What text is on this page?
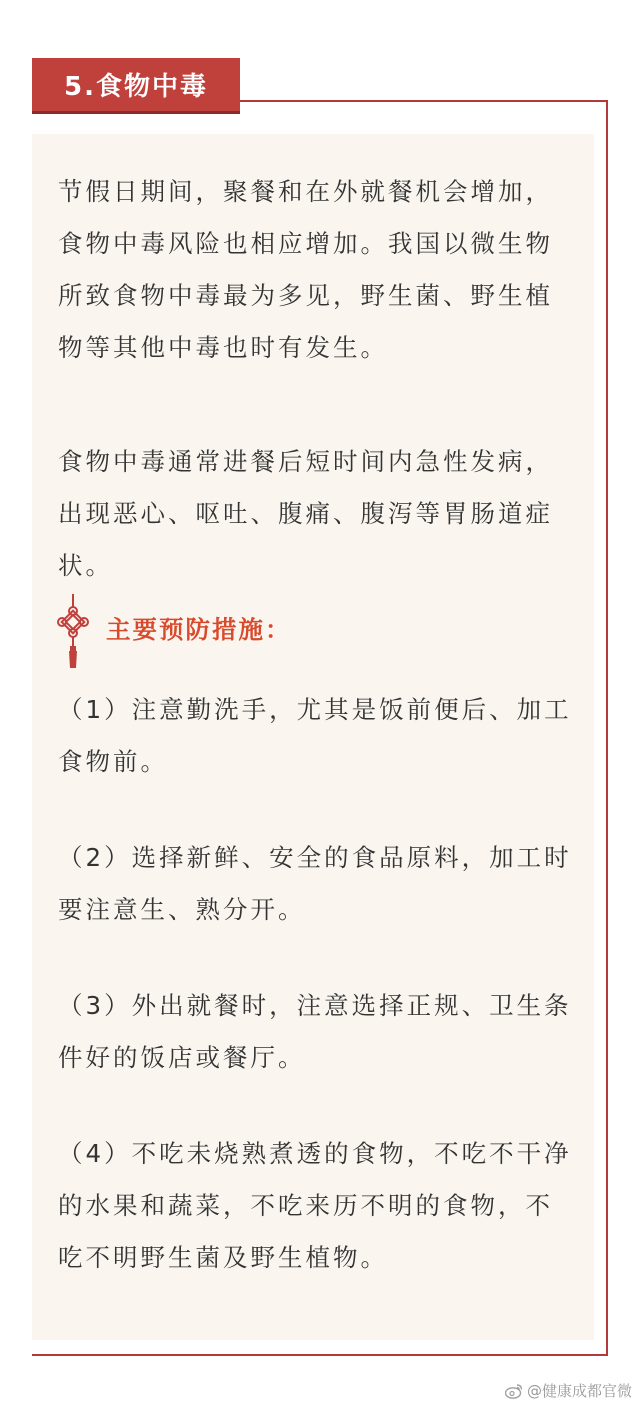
5.食物中毒

节假日期间，聚餐和在外就餐机会增加，食物中毒风险也相应增加。我国以微生物所致食物中毒最为多见，野生菌、野生植物等其他中毒也时有发生。

食物中毒通常进餐后短时间内急性发病，出现恶心、呕吐、腹痛、腹泻等胃肠道症状。

主要预防措施：

（1）注意勤洗手，尤其是饭前便后、加工食物前。

（2）选择新鲜、安全的食品原料，加工时要注意生、熟分开。

（3）外出就餐时，注意选择正规、卫生条件好的饭店或餐厅。

（4）不吃未烧熟煮透的食物，不吃不干净的水果和蔬菜，不吃来历不明的食物，不吃不明野生菌及野生植物。

@健康成都官微
